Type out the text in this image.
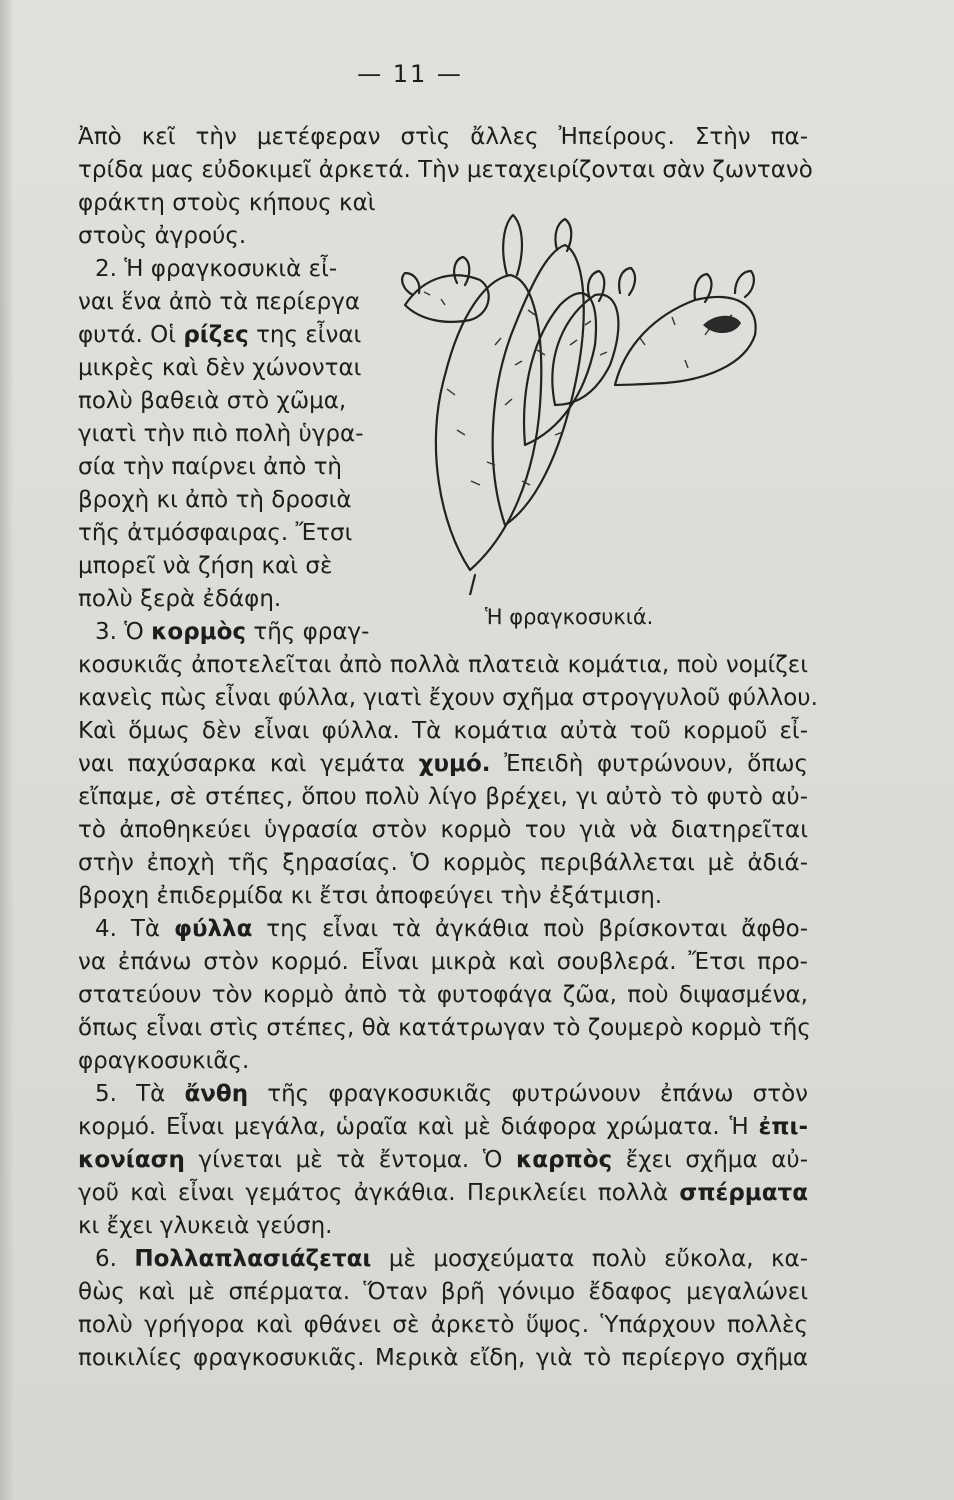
— 11 —
Ἀπὸ κεῖ τὴν μετέφεραν στὶς ἄλλες Ἠπείρους. Στὴν πα-
τρίδα μας εὐδοκιμεῖ ἀρκετά. Τὴν μεταχειρίζονται σὰν ζωντανὸ
φράκτη στοὺς κήπους καὶ
στοὺς ἀγρούς.
2. Ἡ φραγκοσυκιὰ εἶ-
ναι ἕνα ἀπὸ τὰ περίεργα
φυτά. Οἱ ρίζες της εἶναι
μικρὲς καὶ δὲν χώνονται
πολὺ βαθειὰ στὸ χῶμα,
γιατὶ τὴν πιὸ πολὴ ὑγρα-
σία τὴν παίρνει ἀπὸ τὴ
βροχὴ κι ἀπὸ τὴ δροσιὰ
τῆς ἀτμόσφαιρας. Ἔτσι
μπορεῖ νὰ ζήση καὶ σὲ
πολὺ ξερὰ ἐδάφη.
3. Ὁ κορμὸς τῆς φραγ-
Ἡ φραγκοσυκιά.
κοσυκιᾶς ἀποτελεῖται ἀπὸ πολλὰ πλατειὰ κομάτια, ποὺ νομίζει
κανεὶς πὼς εἶναι φύλλα, γιατὶ ἔχουν σχῆμα στρογγυλοῦ φύλλου.
Καὶ ὅμως δὲν εἶναι φύλλα. Τὰ κομάτια αὐτὰ τοῦ κορμοῦ εἶ-
ναι παχύσαρκα καὶ γεμάτα χυμό. Ἐπειδὴ φυτρώνουν, ὅπως
εἴπαμε, σὲ στέπες, ὅπου πολὺ λίγο βρέχει, γι αὐτὸ τὸ φυτὸ αὐ-
τὸ ἀποθηκεύει ὑγρασία στὸν κορμὸ του γιὰ νὰ διατηρεῖται
στὴν ἐποχὴ τῆς ξηρασίας. Ὁ κορμὸς περιβάλλεται μὲ ἀδιά-
βροχη ἐπιδερμίδα κι ἔτσι ἀποφεύγει τὴν ἐξάτμιση.
4. Τὰ φύλλα της εἶναι τὰ ἀγκάθια ποὺ βρίσκονται ἄφθο-
να ἐπάνω στὸν κορμό. Εἶναι μικρὰ καὶ σουβλερά. Ἔτσι προ-
στατεύουν τὸν κορμὸ ἀπὸ τὰ φυτοφάγα ζῶα, ποὺ διψασμένα,
ὅπως εἶναι στὶς στέπες, θὰ κατάτρωγαν τὸ ζουμερὸ κορμὸ τῆς
φραγκοσυκιᾶς.
5. Τὰ ἄνθη τῆς φραγκοσυκιᾶς φυτρώνουν ἐπάνω στὸν
κορμό. Εἶναι μεγάλα, ὡραῖα καὶ μὲ διάφορα χρώματα. Ἡ ἐπι-
κονίαση γίνεται μὲ τὰ ἔντομα. Ὁ καρπὸς ἔχει σχῆμα αὐ-
γοῦ καὶ εἶναι γεμάτος ἀγκάθια. Περικλείει πολλὰ σπέρματα
κι ἔχει γλυκειὰ γεύση.
6. Πολλαπλασιάζεται μὲ μοσχεύματα πολὺ εὔκολα, κα-
θὼς καὶ μὲ σπέρματα. Ὅταν βρῆ γόνιμο ἔδαφος μεγαλώνει
πολὺ γρήγορα καὶ φθάνει σὲ ἀρκετὸ ὕψος. Ὑπάρχουν πολλὲς
ποικιλίες φραγκοσυκιᾶς. Μερικὰ εἴδη, γιὰ τὸ περίεργο σχῆμα
